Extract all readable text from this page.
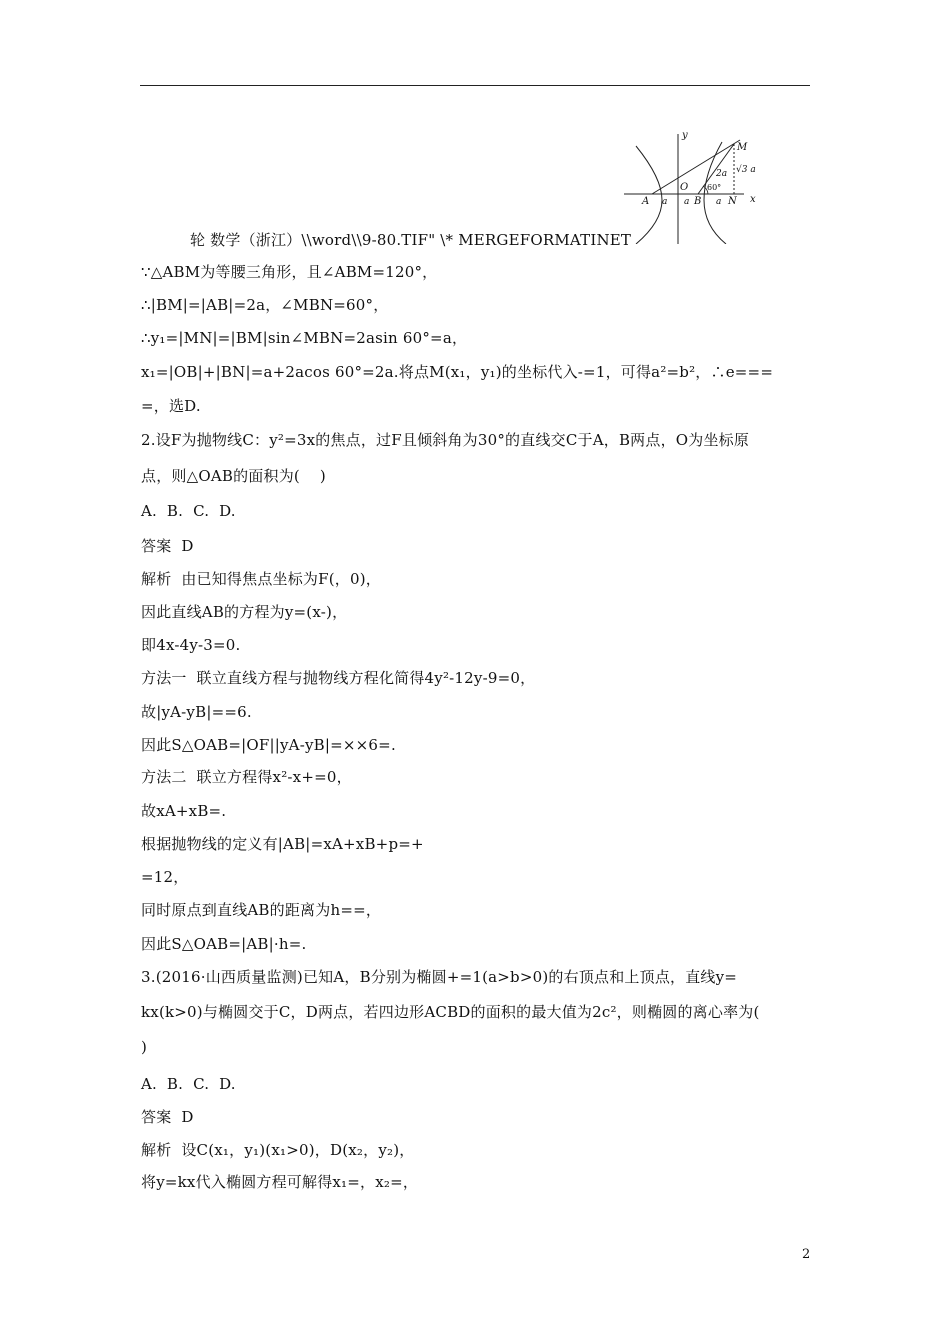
y
x
M
√3 a
2a
O 60°
A a a B a N
轮 数学（浙江）\\word\\9-80.TIF" \* MERGEFORMATINET
∵△ABM为等腰三角形，且∠ABM=120°，
∴|BM|=|AB|=2a，∠MBN=60°，
∴y₁=|MN|=|BM|sin∠MBN=2asin 60°=a，
x₁=|OB|+|BN|=a+2acos 60°=2a.将点M(x₁，y₁)的坐标代入-=1，可得a²=b²，∴e===
=，选D.
2.设F为抛物线C：y²=3x的焦点，过F且倾斜角为30°的直线交C于A，B两点，O为坐标原
点，则△OAB的面积为(    )
A.  B.  C.  D.
答案  D
解析  由已知得焦点坐标为F(，0)，
因此直线AB的方程为y=(x-)，
即4x-4y-3=0.
方法一  联立直线方程与抛物线方程化简得4y²-12y-9=0，
故|yA-yB|==6.
因此S△OAB=|OF||yA-yB|=××6=.
方法二  联立方程得x²-x+=0，
故xA+xB=.
根据抛物线的定义有|AB|=xA+xB+p=+
=12，
同时原点到直线AB的距离为h==，
因此S△OAB=|AB|·h=.
3.(2016·山西质量监测)已知A，B分别为椭圆+=1(a>b>0)的右顶点和上顶点，直线y=
kx(k>0)与椭圆交于C，D两点，若四边形ACBD的面积的最大值为2c²，则椭圆的离心率为(
)
A.  B.  C.  D.
答案  D
解析  设C(x₁，y₁)(x₁>0)，D(x₂，y₂)，
将y=kx代入椭圆方程可解得x₁=，x₂=，
2
